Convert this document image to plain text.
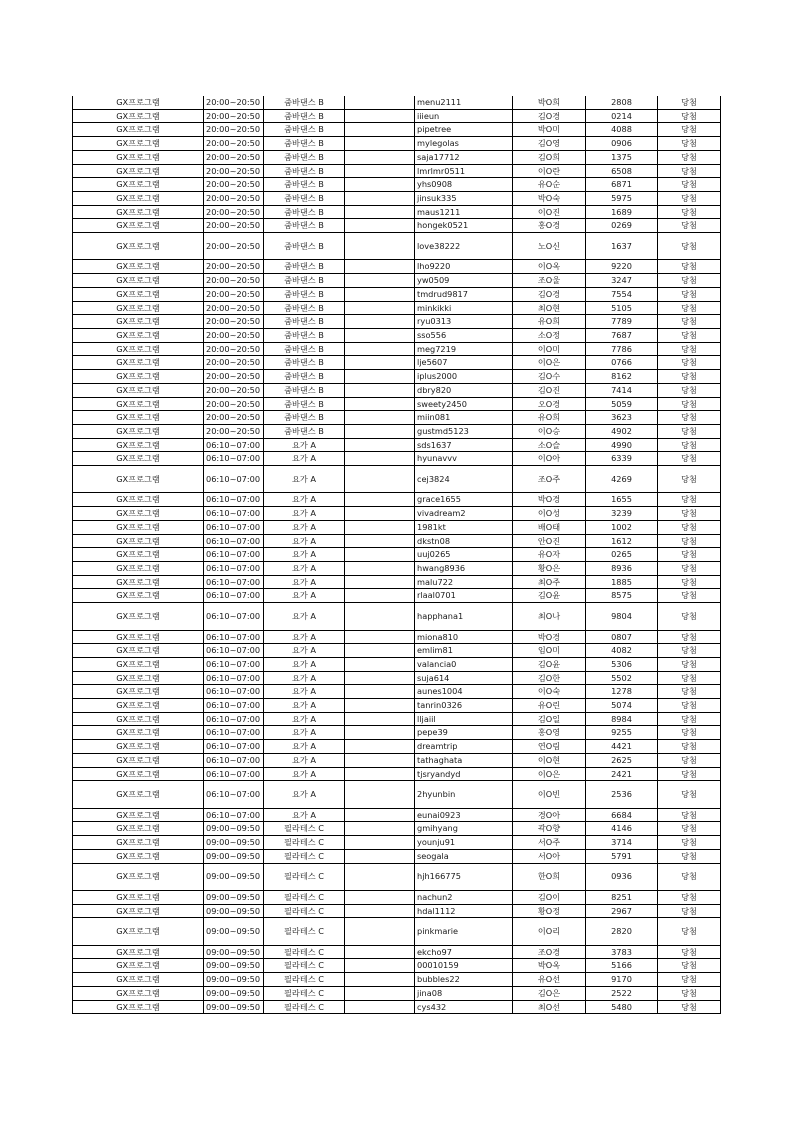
GX프로그램	20:00~20:50	줌바댄스 B		menu2111	박O희	2808	당첨
GX프로그램	20:00~20:50	줌바댄스 B		iiieun	김O경	0214	당첨
GX프로그램	20:00~20:50	줌바댄스 B		pipetree	박O미	4088	당첨
GX프로그램	20:00~20:50	줌바댄스 B		mylegolas	김O영	0906	당첨
GX프로그램	20:00~20:50	줌바댄스 B		saja17712	김O희	1375	당첨
GX프로그램	20:00~20:50	줌바댄스 B		lmrlmr0511	이O란	6508	당첨
GX프로그램	20:00~20:50	줌바댄스 B		yhs0908	유O순	6871	당첨
GX프로그램	20:00~20:50	줌바댄스 B		jinsuk335	박O숙	5975	당첨
GX프로그램	20:00~20:50	줌바댄스 B		maus1211	이O진	1689	당첨
GX프로그램	20:00~20:50	줌바댄스 B		hongek0521	홍O경	0269	당첨
GX프로그램	20:00~20:50	줌바댄스 B		love38222	노O신	1637	당첨
GX프로그램	20:00~20:50	줌바댄스 B		lho9220	이O옥	9220	당첨
GX프로그램	20:00~20:50	줌바댄스 B		yw0509	조O울	3247	당첨
GX프로그램	20:00~20:50	줌바댄스 B		tmdrud9817	김O경	7554	당첨
GX프로그램	20:00~20:50	줌바댄스 B		minkikki	최O현	5105	당첨
GX프로그램	20:00~20:50	줌바댄스 B		ryu0313	유O희	7789	당첨
GX프로그램	20:00~20:50	줌바댄스 B		sso556	소O정	7687	당첨
GX프로그램	20:00~20:50	줌바댄스 B		meg7219	이O미	7786	당첨
GX프로그램	20:00~20:50	줌바댄스 B		lje5607	이O은	0766	당첨
GX프로그램	20:00~20:50	줌바댄스 B		iplus2000	김O수	8162	당첨
GX프로그램	20:00~20:50	줌바댄스 B		dbry820	김O진	7414	당첨
GX프로그램	20:00~20:50	줌바댄스 B		sweety2450	오O경	5059	당첨
GX프로그램	20:00~20:50	줌바댄스 B		miin081	유O희	3623	당첨
GX프로그램	20:00~20:50	줌바댄스 B		gustmd5123	이O승	4902	당첨
GX프로그램	06:10~07:00	요가 A		sds1637	소O슬	4990	당첨
GX프로그램	06:10~07:00	요가 A		hyunavvv	이O아	6339	당첨
GX프로그램	06:10~07:00	요가 A		cej3824	조O주	4269	당첨
GX프로그램	06:10~07:00	요가 A		grace1655	박O경	1655	당첨
GX프로그램	06:10~07:00	요가 A		vivadream2	이O성	3239	당첨
GX프로그램	06:10~07:00	요가 A		1981kt	배O태	1002	당첨
GX프로그램	06:10~07:00	요가 A		dkstn08	안O진	1612	당첨
GX프로그램	06:10~07:00	요가 A		uuj0265	유O자	0265	당첨
GX프로그램	06:10~07:00	요가 A		hwang8936	황O은	8936	당첨
GX프로그램	06:10~07:00	요가 A		malu722	최O주	1885	당첨
GX프로그램	06:10~07:00	요가 A		rlaal0701	김O윤	8575	당첨
GX프로그램	06:10~07:00	요가 A		happhana1	최O나	9804	당첨
GX프로그램	06:10~07:00	요가 A		miona810	박O경	0807	당첨
GX프로그램	06:10~07:00	요가 A		emlim81	임O미	4082	당첨
GX프로그램	06:10~07:00	요가 A		valancia0	김O윤	5306	당첨
GX프로그램	06:10~07:00	요가 A		suja614	김O한	5502	당첨
GX프로그램	06:10~07:00	요가 A		aunes1004	이O숙	1278	당첨
GX프로그램	06:10~07:00	요가 A		tanrin0326	유O린	5074	당첨
GX프로그램	06:10~07:00	요가 A		lljaiil	김O일	8984	당첨
GX프로그램	06:10~07:00	요가 A		pepe39	홍O영	9255	당첨
GX프로그램	06:10~07:00	요가 A		dreamtrip	연O림	4421	당첨
GX프로그램	06:10~07:00	요가 A		tathaghata	이O현	2625	당첨
GX프로그램	06:10~07:00	요가 A		tjsryandyd	이O은	2421	당첨
GX프로그램	06:10~07:00	요가 A		2hyunbin	이O빈	2536	당첨
GX프로그램	06:10~07:00	요가 A		eunai0923	경O아	6684	당첨
GX프로그램	09:00~09:50	필라테스 C		gmihyang	곽O향	4146	당첨
GX프로그램	09:00~09:50	필라테스 C		younju91	서O주	3714	당첨
GX프로그램	09:00~09:50	필라테스 C		seogala	서O아	5791	당첨
GX프로그램	09:00~09:50	필라테스 C		hjh166775	한O희	0936	당첨
GX프로그램	09:00~09:50	필라테스 C		nachun2	김O이	8251	당첨
GX프로그램	09:00~09:50	필라테스 C		hdal1112	황O정	2967	당첨
GX프로그램	09:00~09:50	필라테스 C		pinkmarie	이O리	2820	당첨
GX프로그램	09:00~09:50	필라테스 C		ekcho97	조O경	3783	당첨
GX프로그램	09:00~09:50	필라테스 C		00010159	박O옥	5166	당첨
GX프로그램	09:00~09:50	필라테스 C		bubbles22	유O선	9170	당첨
GX프로그램	09:00~09:50	필라테스 C		jina08	김O은	2522	당첨
GX프로그램	09:00~09:50	필라테스 C		cys432	최O선	5480	당첨
